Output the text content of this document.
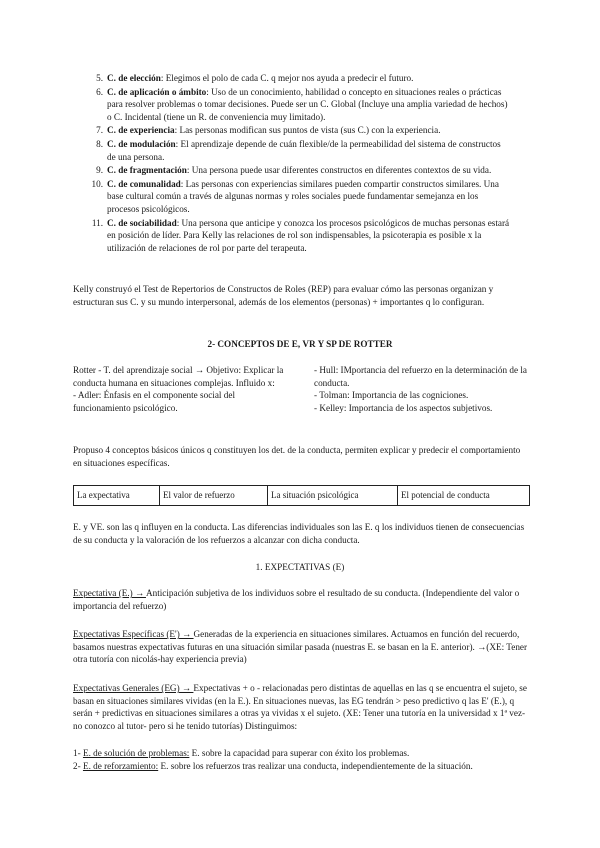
5. C. de elección: Elegimos el polo de cada C. q mejor nos ayuda a predecir el futuro.
6. C. de aplicación o ámbito: Uso de un conocimiento, habilidad o concepto en situaciones reales o prácticas para resolver problemas o tomar decisiones. Puede ser un C. Global (Incluye una amplia variedad de hechos) o C. Incidental (tiene un R. de conveniencia muy limitado).
7. C. de experiencia: Las personas modifican sus puntos de vista (sus C.) con la experiencia.
8. C. de modulación: El aprendizaje depende de cuán flexible/de la permeabilidad del sistema de constructos de una persona.
9. C. de fragmentación: Una persona puede usar diferentes constructos en diferentes contextos de su vida.
10. C. de comunalidad: Las personas con experiencias similares pueden compartir constructos similares. Una base cultural común a través de algunas normas y roles sociales puede fundamentar semejanza en los procesos psicológicos.
11. C. de sociabilidad: Una persona que anticipe y conozca los procesos psicológicos de muchas personas estará en posición de líder. Para Kelly las relaciones de rol son indispensables, la psicoterapia es posible x la utilización de relaciones de rol por parte del terapeuta.
Kelly construyó el Test de Repertorios de Constructos de Roles (REP) para evaluar cómo las personas organizan y estructuran sus C. y su mundo interpersonal, además de los elementos (personas) + importantes q lo configuran.
2- CONCEPTOS DE E, VR Y SP DE ROTTER
Rotter - T. del aprendizaje social → Objetivo: Explicar la conducta humana en situaciones complejas. Influido x:
- Adler: Énfasis en el componente social del funcionamiento psicológico.
- Hull: IMportancia del refuerzo en la determinación de la conducta.
- Tolman: Importancia de las cogniciones.
- Kelley: Importancia de los aspectos subjetivos.
Propuso 4 conceptos básicos únicos q constituyen los det. de la conducta, permiten explicar y predecir el comportamiento en situaciones específicas.
La expectativa	El valor de refuerzo	La situación psicológica	El potencial de conducta
E. y VE. son las q influyen en la conducta. Las diferencias individuales son las E. q los individuos tienen de consecuencias de su conducta y la valoración de los refuerzos a alcanzar con dicha conducta.
1. EXPECTATIVAS (E)
Expectativa (E.) → Anticipación subjetiva de los individuos sobre el resultado de su conducta. (Independiente del valor o importancia del refuerzo)
Expectativas Específicas (E') → Generadas de la experiencia en situaciones similares. Actuamos en función del recuerdo, basamos nuestras expectativas futuras en una situación similar pasada (nuestras E. se basan en la E. anterior). →(XE: Tener otra tutoría con nicolás-hay experiencia previa)
Expectativas Generales (EG) → Expectativas + o - relacionadas pero distintas de aquellas en las q se encuentra el sujeto, se basan en situaciones similares vividas (en la E.). En situaciones nuevas, las EG tendrán > peso predictivo q las E' (E.), q serán + predictivas en situaciones similares a otras ya vividas x el sujeto. (XE: Tener una tutoría en la universidad x 1ª vez- no conozco al tutor- pero si he tenido tutorías) Distinguimos:
1- E. de solución de problemas: E. sobre la capacidad para superar con éxito los problemas.
2- E. de reforzamiento: E. sobre los refuerzos tras realizar una conducta, independientemente de la situación.
